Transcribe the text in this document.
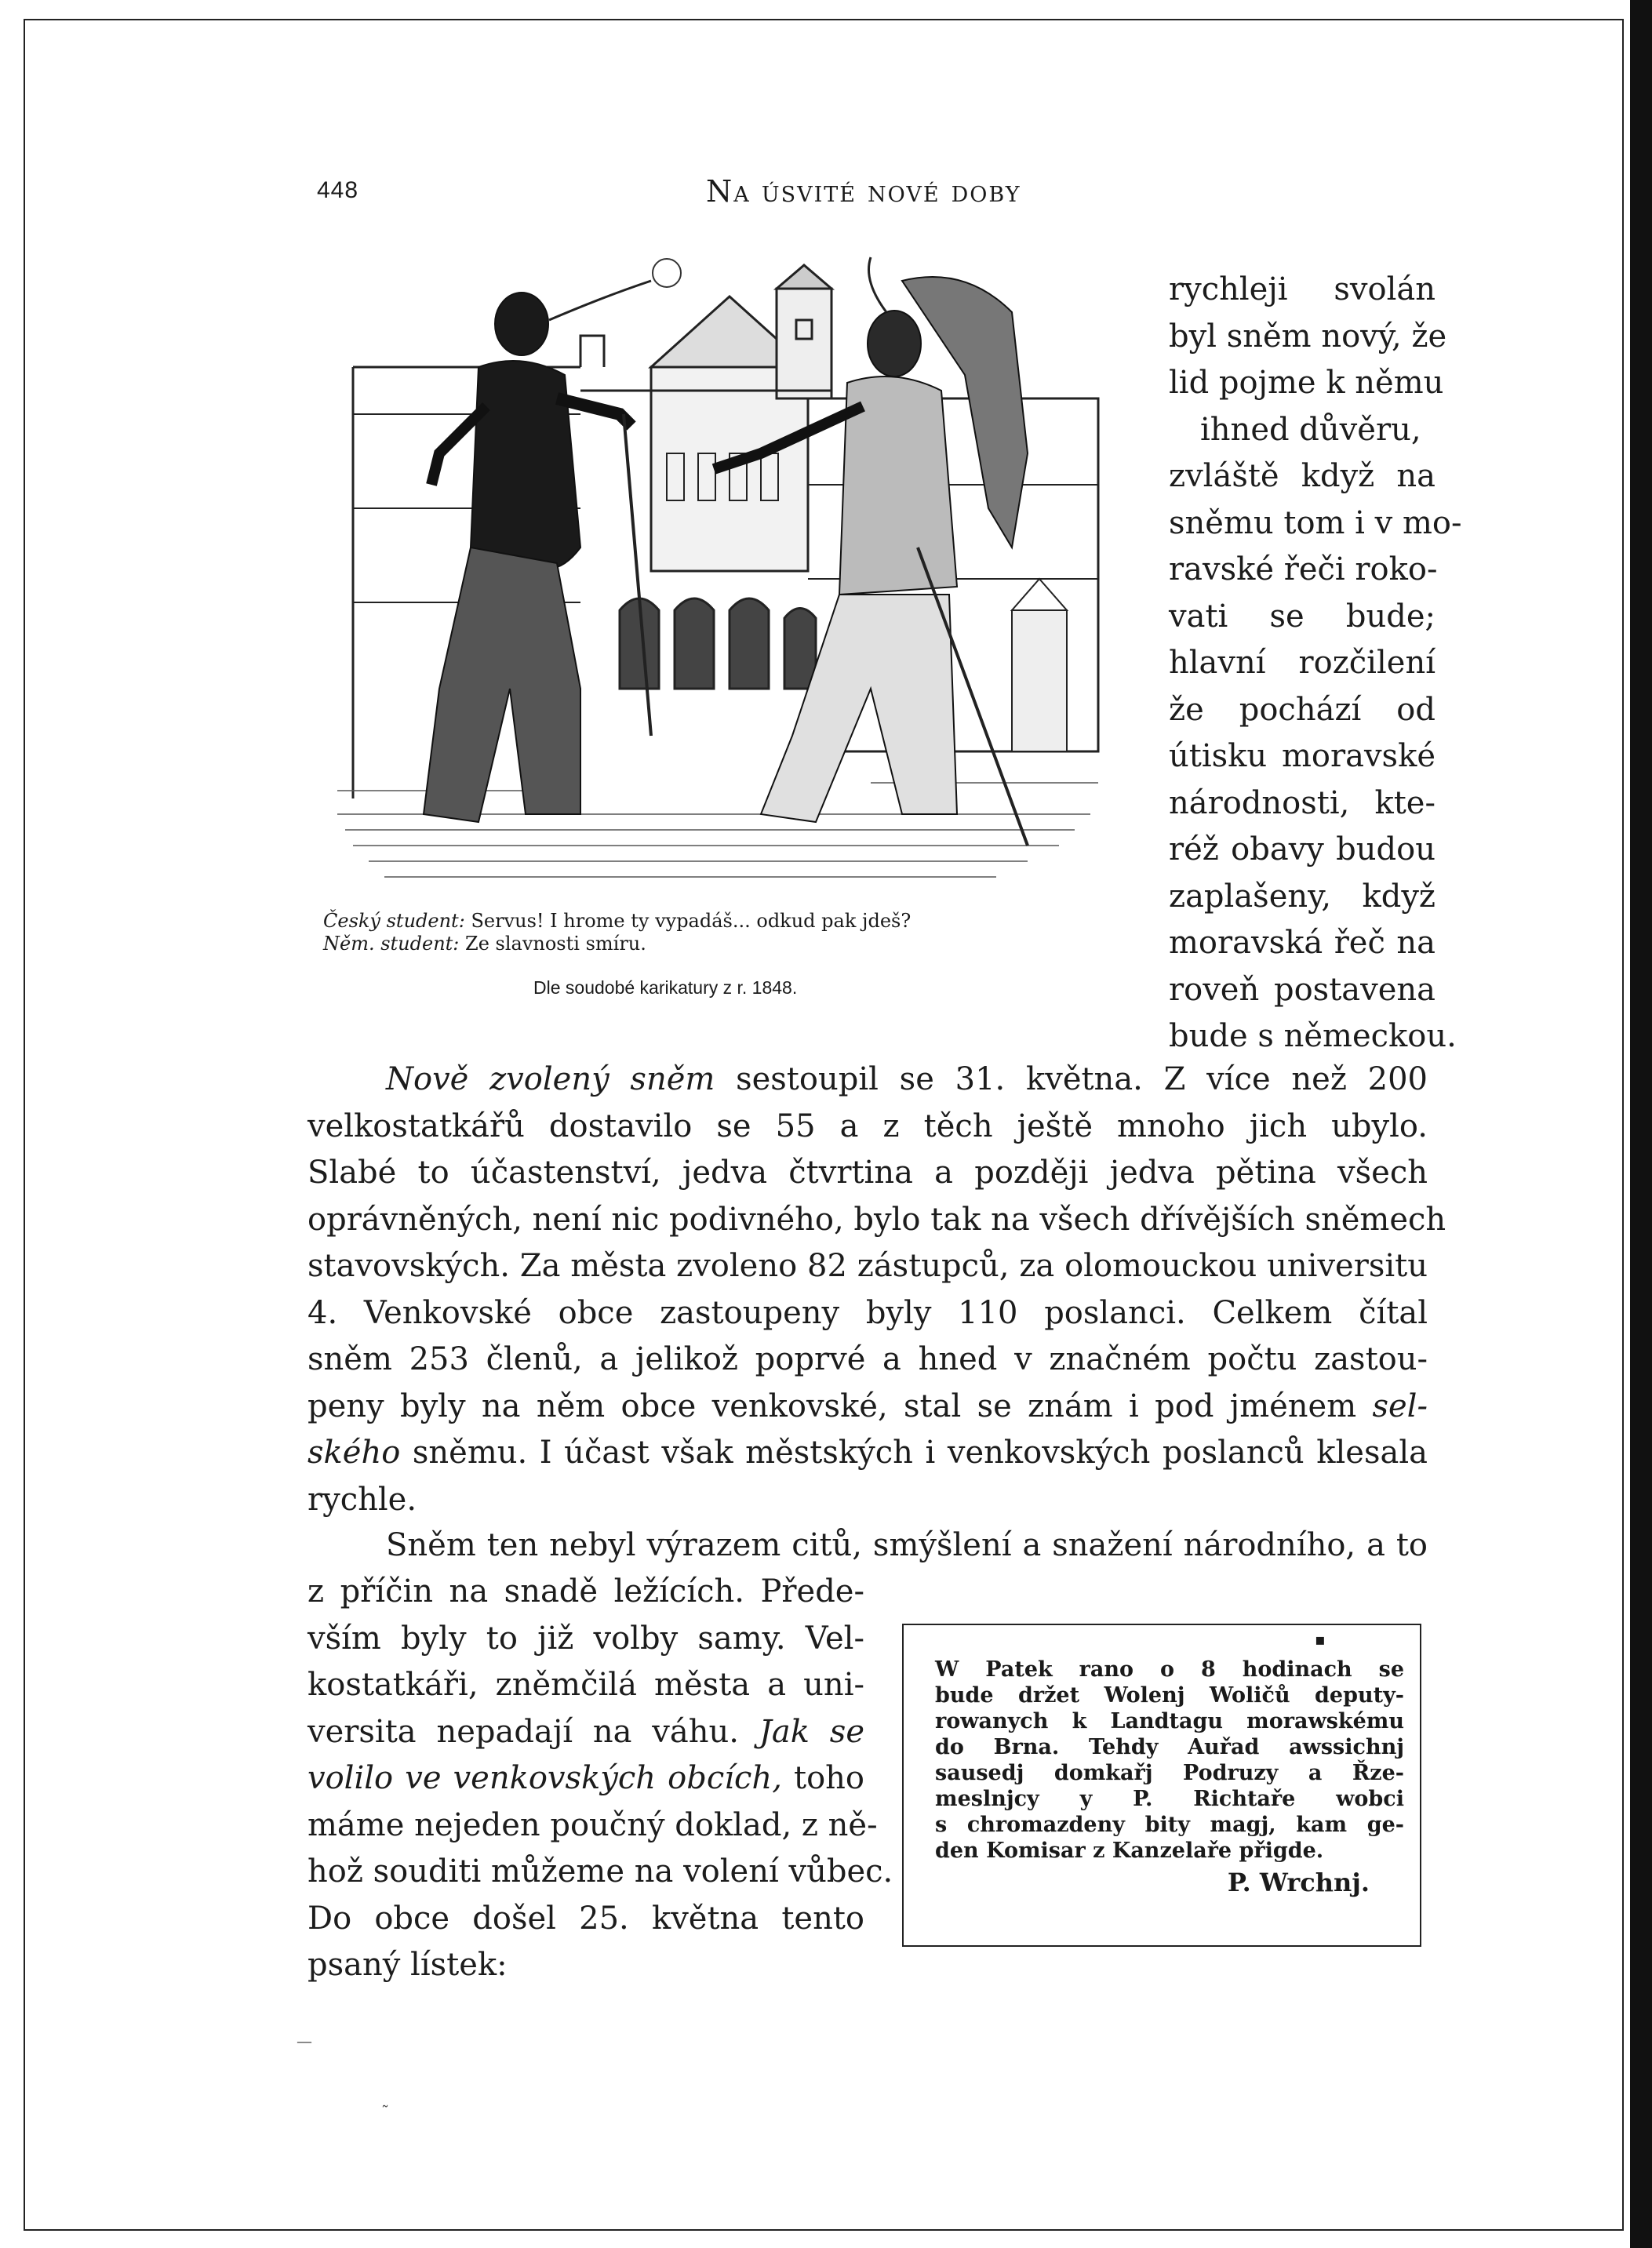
448	Na úsvité nové doby
Český student: Servus! I hrome ty vypadáš... odkud pak jdeš?
Něm. student: Ze slavnosti smíru.
Dle soudobé karikatury z r. 1848.
rychleji svolán
byl sněm nový, že
lid pojme k němu
ihned důvěru,
zvláště když na
sněmu tom i v mo-
ravské řeči roko-
vati se bude;
hlavní rozčilení
že pochází od
útisku moravské
národnosti, kte-
réž obavy budou
zaplašeny, když
moravská řeč na
roveň postavena
bude s německou.
Nově zvolený sněm sestoupil se 31. května. Z více než 200
velkostatkářů dostavilo se 55 a z těch ještě mnoho jich ubylo.
Slabé to účastenství, jedva čtvrtina a později jedva pětina všech
oprávněných, není nic podivného, bylo tak na všech dřívějších sněmech
stavovských. Za města zvoleno 82 zástupců, za olomouckou universitu
4. Venkovské obce zastoupeny byly 110 poslanci. Celkem čítal
sněm 253 členů, a jelikož poprvé a hned v značném počtu zastou-
peny byly na něm obce venkovské, stal se znám i pod jménem sel-
ského sněmu. I účast však městských i venkovských poslanců klesala
rychle.
Sněm ten nebyl výrazem citů, smýšlení a snažení národního, a to
z příčin na snadě ležících. Přede-
vším byly to již volby samy. Vel-
kostatkáři, zněmčilá města a uni-
versita nepadají na váhu. Jak se
volilo ve venkovských obcích, toho
máme nejeden poučný doklad, z ně-
hož souditi můžeme na volení vůbec.
Do obce došel 25. května tento
psaný lístek:
▪
W Patek rano o 8 hodinach se
bude držet Wolenj Woličů deputy-
rowanych k Landtagu morawskému
do Brna. Tehdy Auřad awssichnj
sausedj domkařj Podruzy a Řze-
meslnjcy y P. Richtaře wobci
s chromazdeny bity magj, kam ge-
den Komisar z Kanzelaře přigde.
P. Wrchnj.
—
˜
